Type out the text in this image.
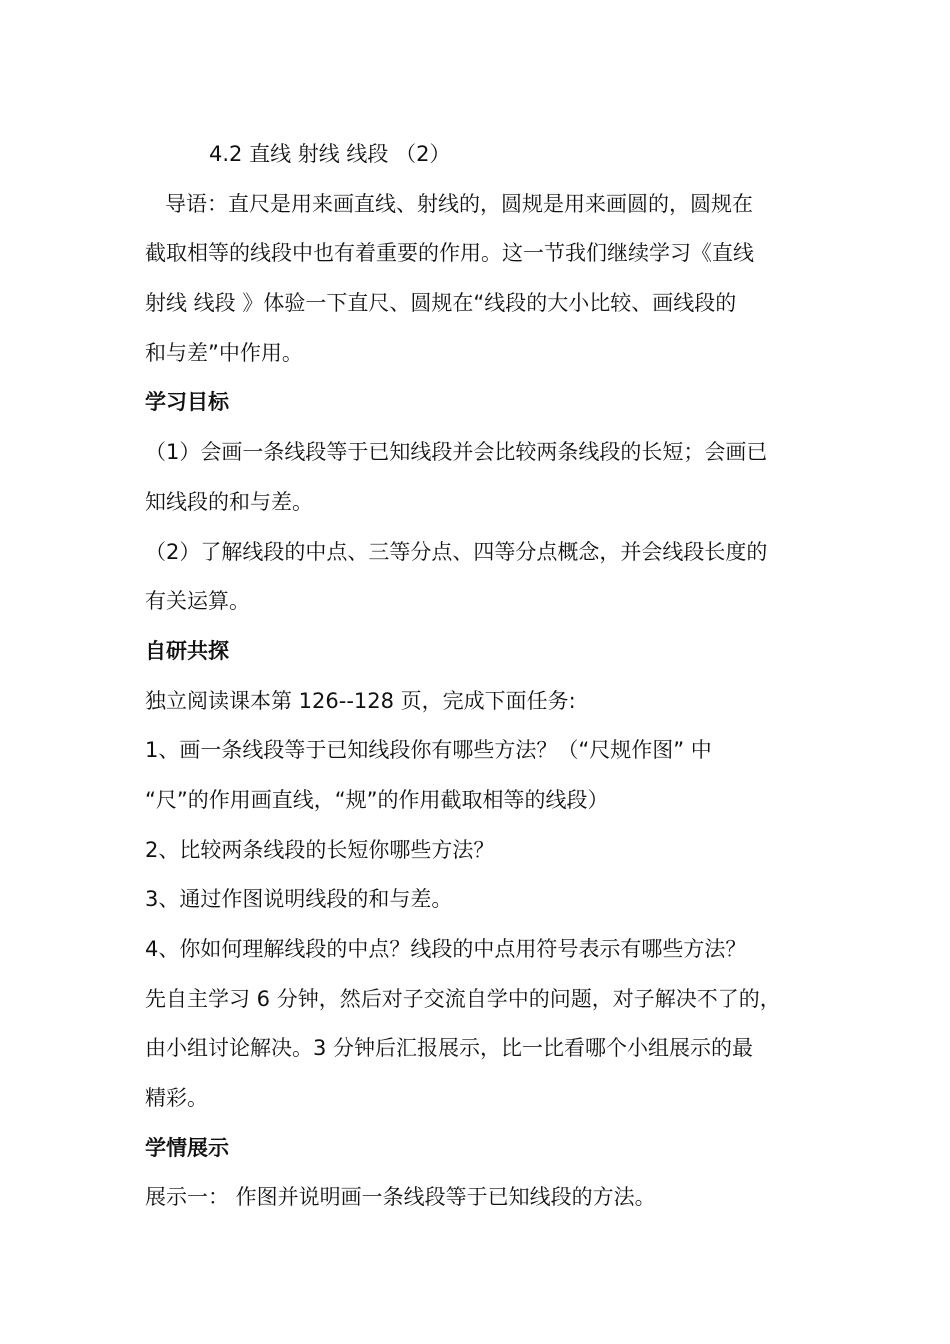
4.2 直线 射线 线段 （2）
导语：直尺是用来画直线、射线的，圆规是用来画圆的，圆规在
截取相等的线段中也有着重要的作用。这一节我们继续学习《直线
射线 线段 》体验一下直尺、圆规在“线段的大小比较、画线段的
和与差”中作用。
学习目标
（1）会画一条线段等于已知线段并会比较两条线段的长短；会画已
知线段的和与差。
（2）了解线段的中点、三等分点、四等分点概念，并会线段长度的
有关运算。
自研共探
独立阅读课本第 126--128 页，完成下面任务:
1、画一条线段等于已知线段你有哪些方法？（“尺规作图” 中
“尺”的作用画直线，“规”的作用截取相等的线段）
2、比较两条线段的长短你哪些方法？
3、通过作图说明线段的和与差。
4、你如何理解线段的中点？线段的中点用符号表示有哪些方法？
先自主学习 6 分钟，然后对子交流自学中的问题，对子解决不了的，
由小组讨论解决。3 分钟后汇报展示，比一比看哪个小组展示的最
精彩。
学情展示
展示一： 作图并说明画一条线段等于已知线段的方法。
